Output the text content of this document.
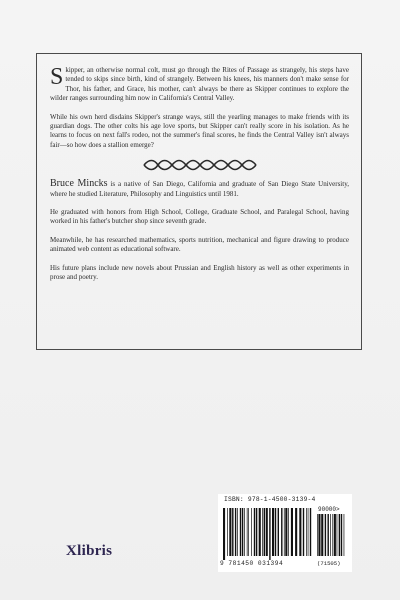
Skipper, an otherwise normal colt, must go through the Rites of Passage as strangely, his steps have tended to skips since birth, kind of strangely. Between his knees, his manners don't make sense for Thor, his father, and Grace, his mother, can't always be there as Skipper continues to explore the wilder ranges surrounding him now in California's Central Valley.

While his own herd disdains Skipper's strange ways, still the yearling manages to make friends with its guardian dogs. The other colts his age love sports, but Skipper can't really score in his isolation. As he learns to focus on next fall's rodeo, not the summer's final scores, he finds the Central Valley isn't always fair—so how does a stallion emerge?

Bruce Mincks is a native of San Diego, California and graduate of San Diego State University, where he studied Literature, Philosophy and Linguistics until 1981.

He graduated with honors from High School, College, Graduate School, and Paralegal School, having worked in his father's butcher shop since seventh grade.

Meanwhile, he has researched mathematics, sports nutrition, mechanical and figure drawing to produce animated web content as educational software.

His future plans include new novels about Prussian and English history as well as other experiments in prose and poetry.

ISBN: 978-1-4500-3139-4
90000>
9 781450 031394	(71505)
Xlibris
